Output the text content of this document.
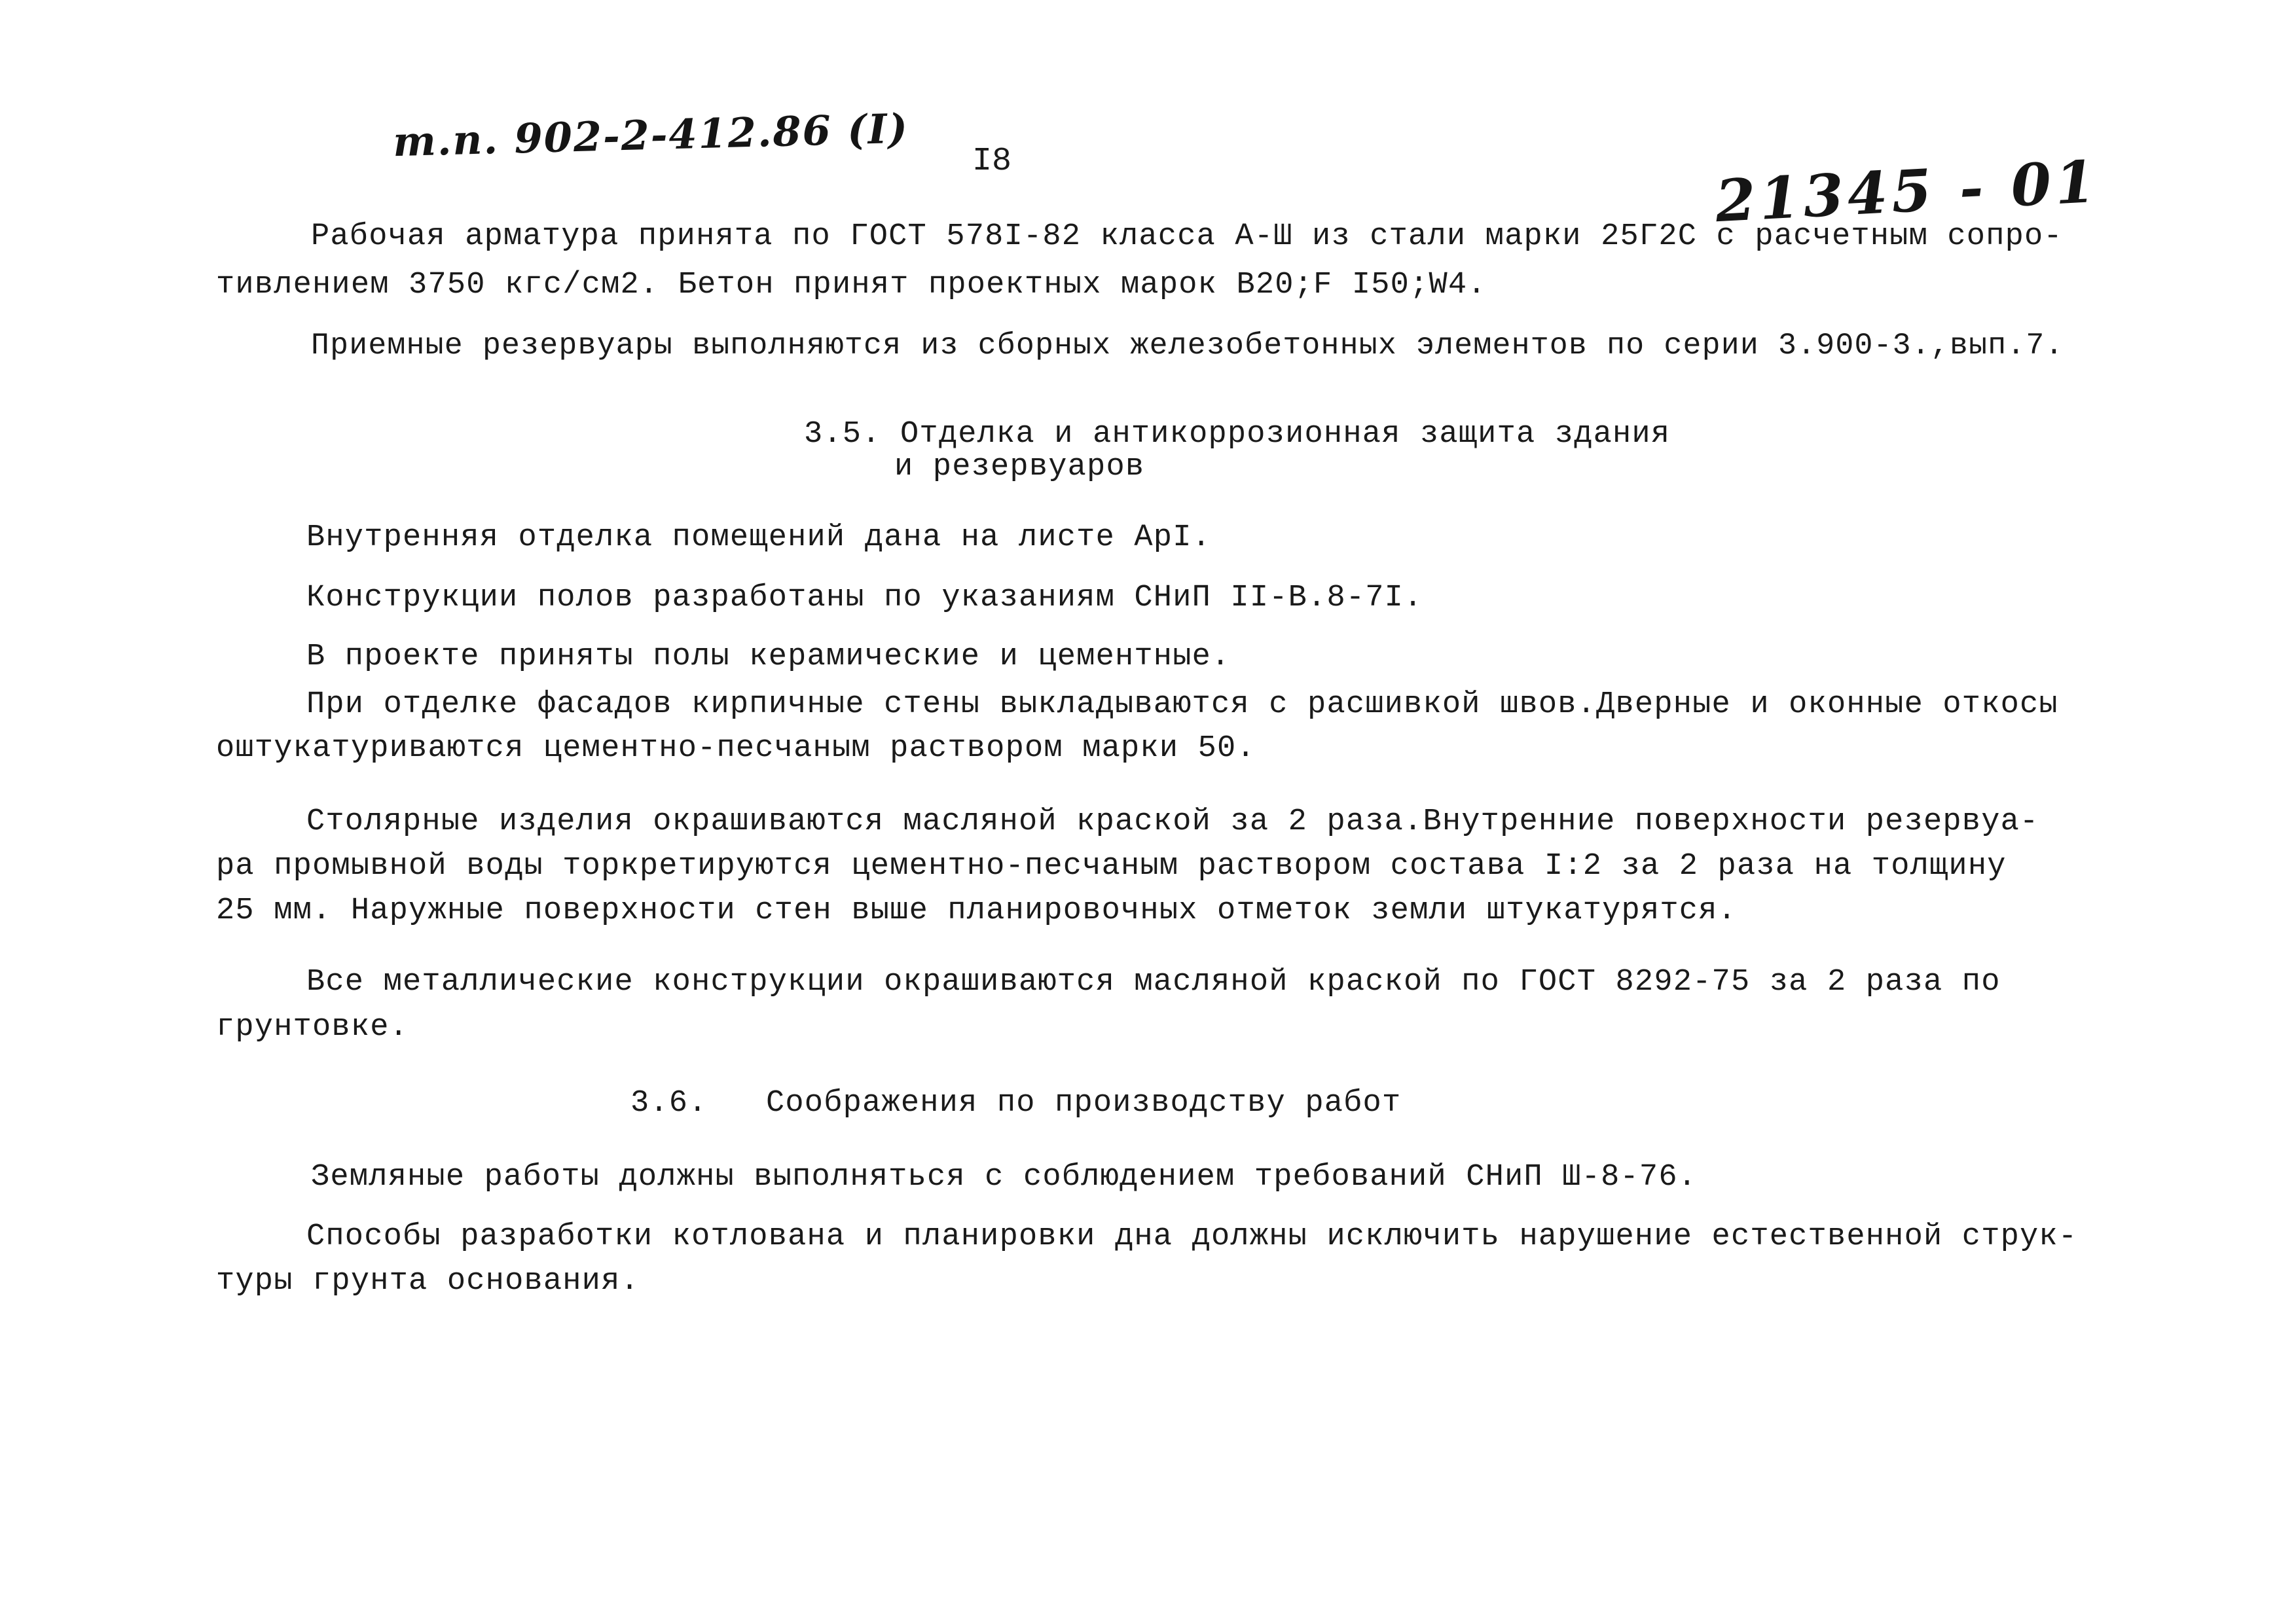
т.п. 902-2-412.86 (I) I8	21345 - 01
Рабочая арматура принята по ГОСТ 578I-82 класса А-Ш из стали марки 25Г2С с расчетным сопро-
тивлением 3750 кгс/см2. Бетон принят проектных марок В20;F I50;W4.
Приемные резервуары выполняются из сборных железобетонных элементов по серии 3.900-3.,вып.7.
3.5. Отделка и антикоррозионная защита здания
и резервуаров
Внутренняя отделка помещений дана на листе АрI.
Конструкции полов разработаны по указаниям СНиП II-В.8-7I.
В проекте приняты полы керамические и цементные.
При отделке фасадов кирпичные стены выкладываются с расшивкой швов.Дверные и оконные откосы
оштукатуриваются цементно-песчаным раствором марки 50.
Столярные изделия окрашиваются масляной краской за 2 раза.Внутренние поверхности резервуа-
ра промывной воды торкретируются цементно-песчаным раствором состава I:2 за 2 раза на толщину
25 мм. Наружные поверхности стен выше планировочных отметок земли штукатурятся.
Все металлические конструкции окрашиваются масляной краской по ГОСТ 8292-75 за 2 раза по
грунтовке.
3.6. Соображения по производству работ
Земляные работы должны выполняться с соблюдением требований СНиП Ш-8-76.
Способы разработки котлована и планировки дна должны исключить нарушение естественной струк-
туры грунта основания.
